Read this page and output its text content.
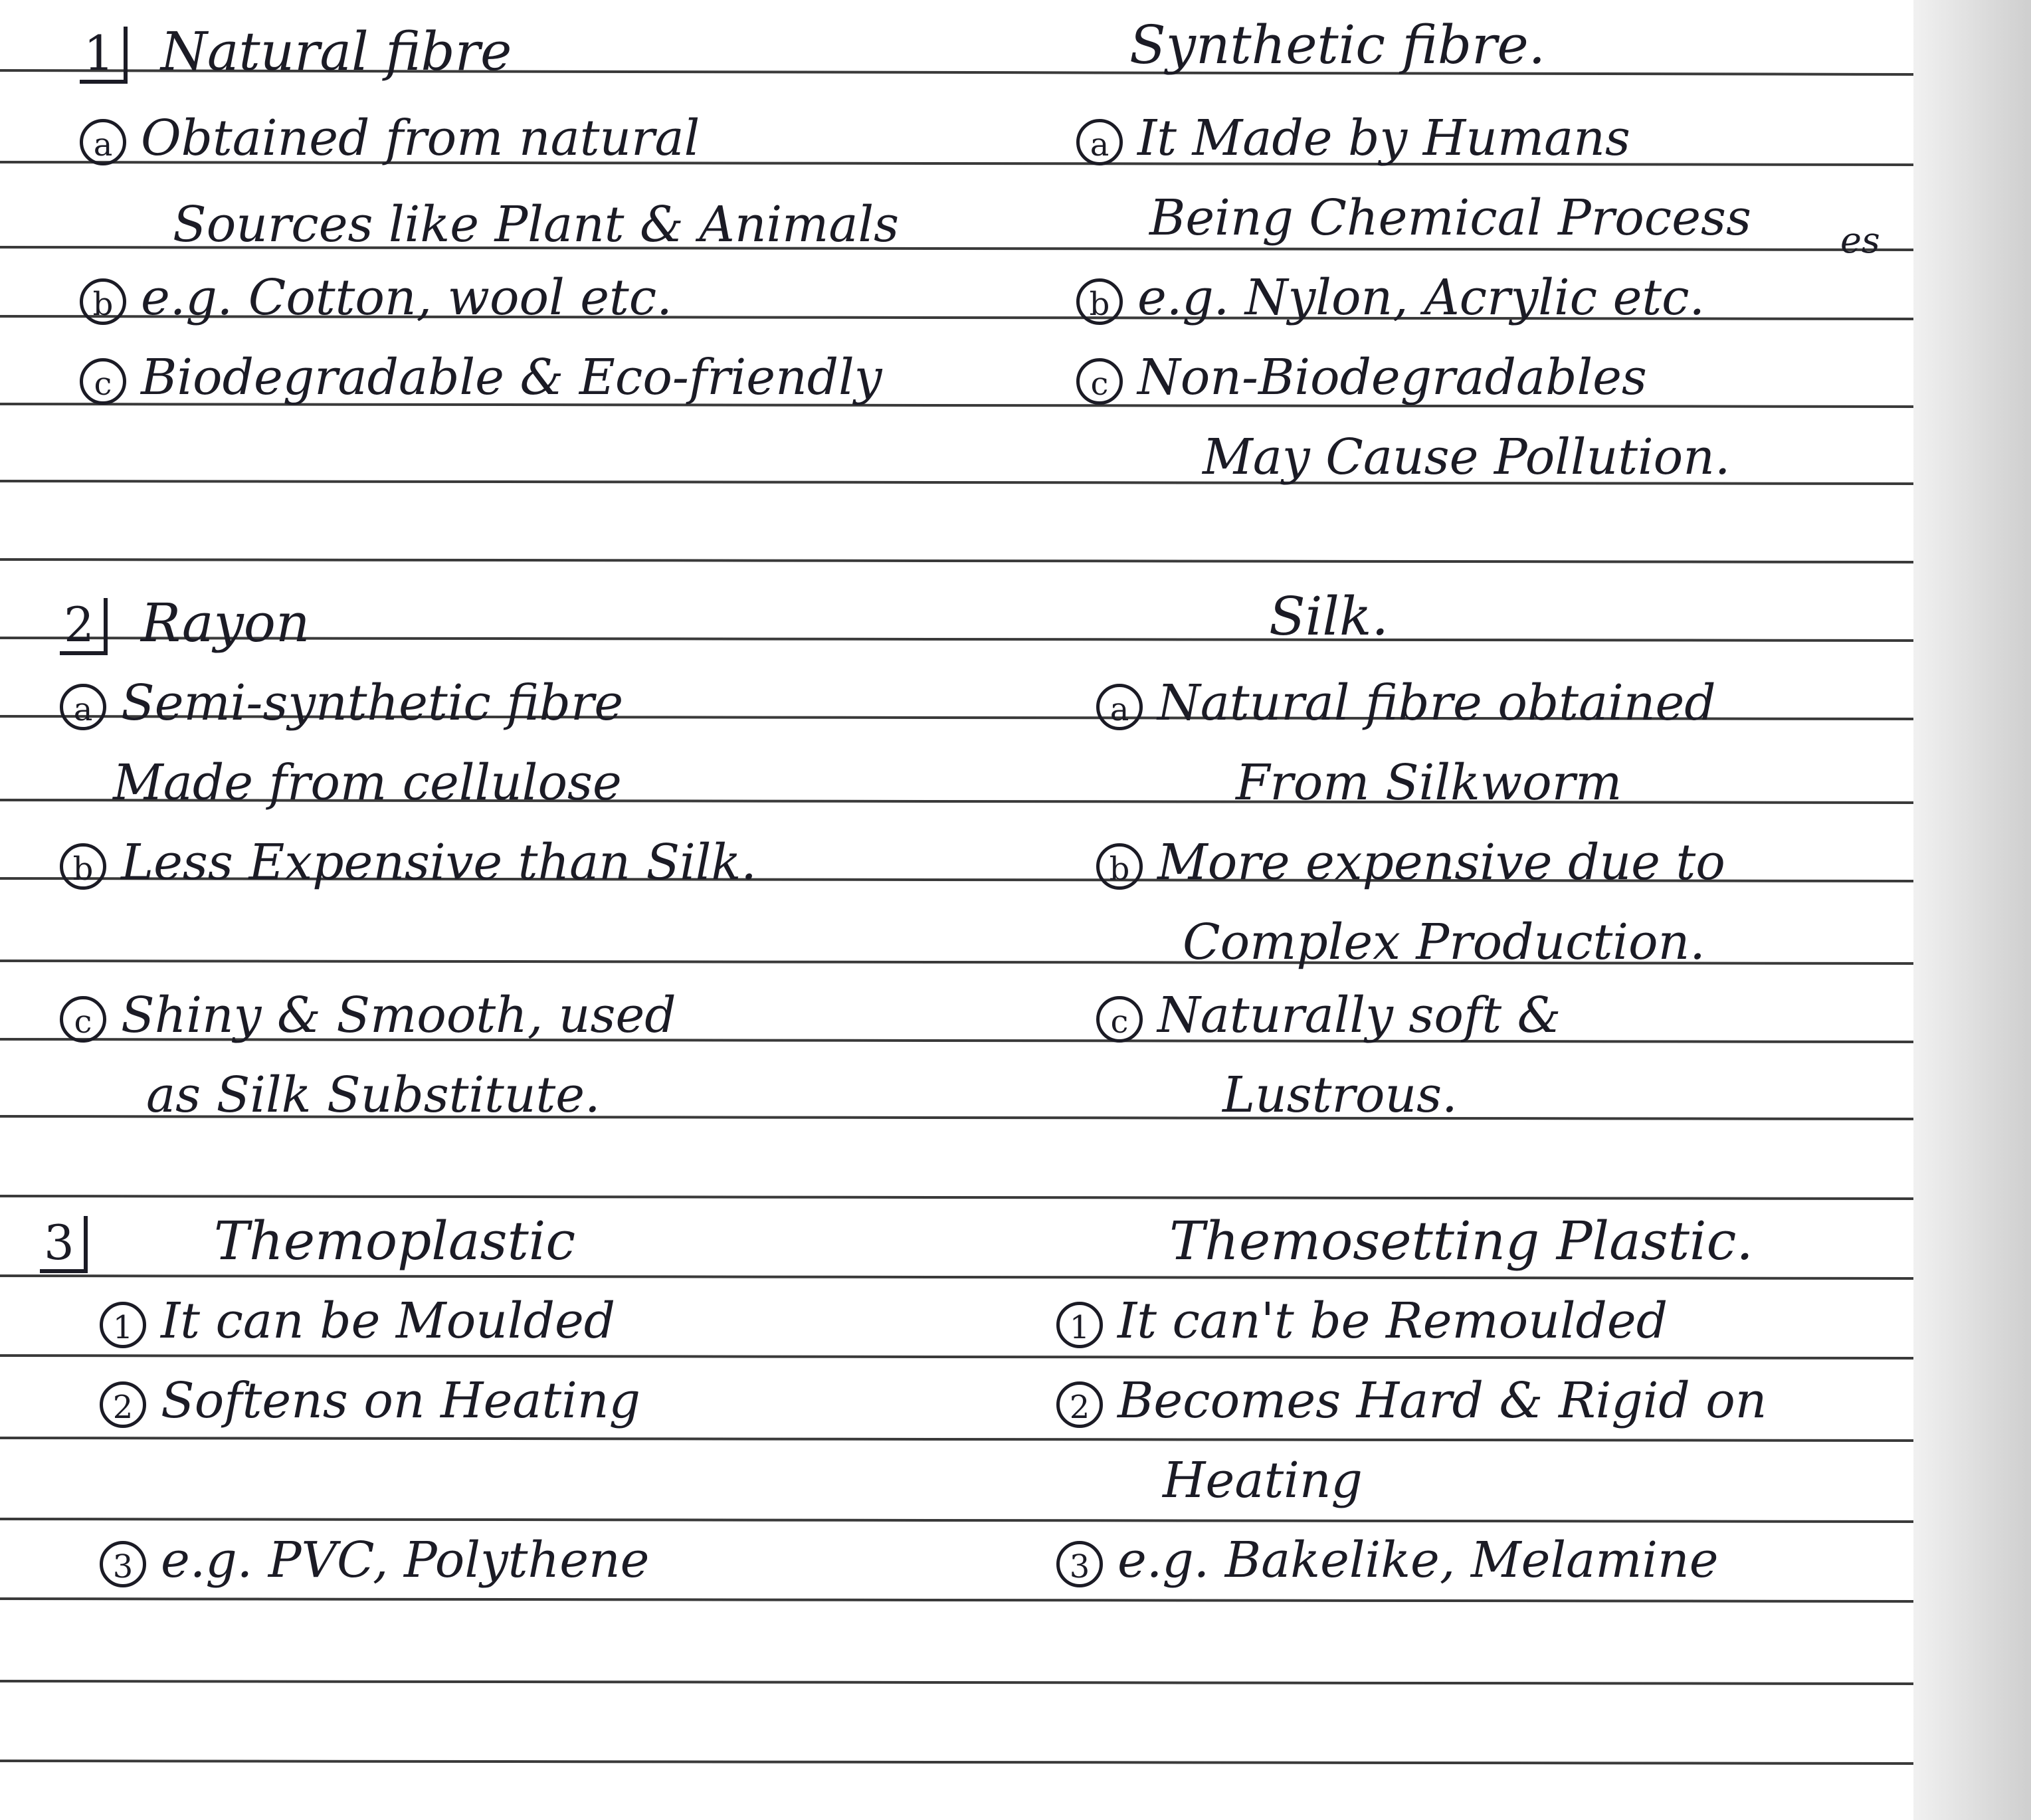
1 Natural fibre
a Obtained from natural
Sources like Plant & Animals
b e.g. Cotton, wool etc.
c Biodegradable & Eco-friendly
Synthetic fibre.
a It Made by Humans
Being Chemical Process es
b e.g. Nylon, Acrylic etc.
c Non-Biodegradables
May Cause Pollution.
2 Rayon
a Semi-synthetic fibre
Made from cellulose
b Less Expensive than Silk.
c Shiny & Smooth, used
as Silk Substitute.
Silk.
a Natural fibre obtained
From Silkworm
b More expensive due to
Complex Production.
c Naturally soft &
Lustrous.
3	Themoplastic
1 It can be Moulded
2 Softens on Heating
3 e.g. PVC, Polythene
Themosetting Plastic.
1 It can't be Remoulded
2 Becomes Hard & Rigid on
Heating
3 e.g. Bakelike, Melamine
